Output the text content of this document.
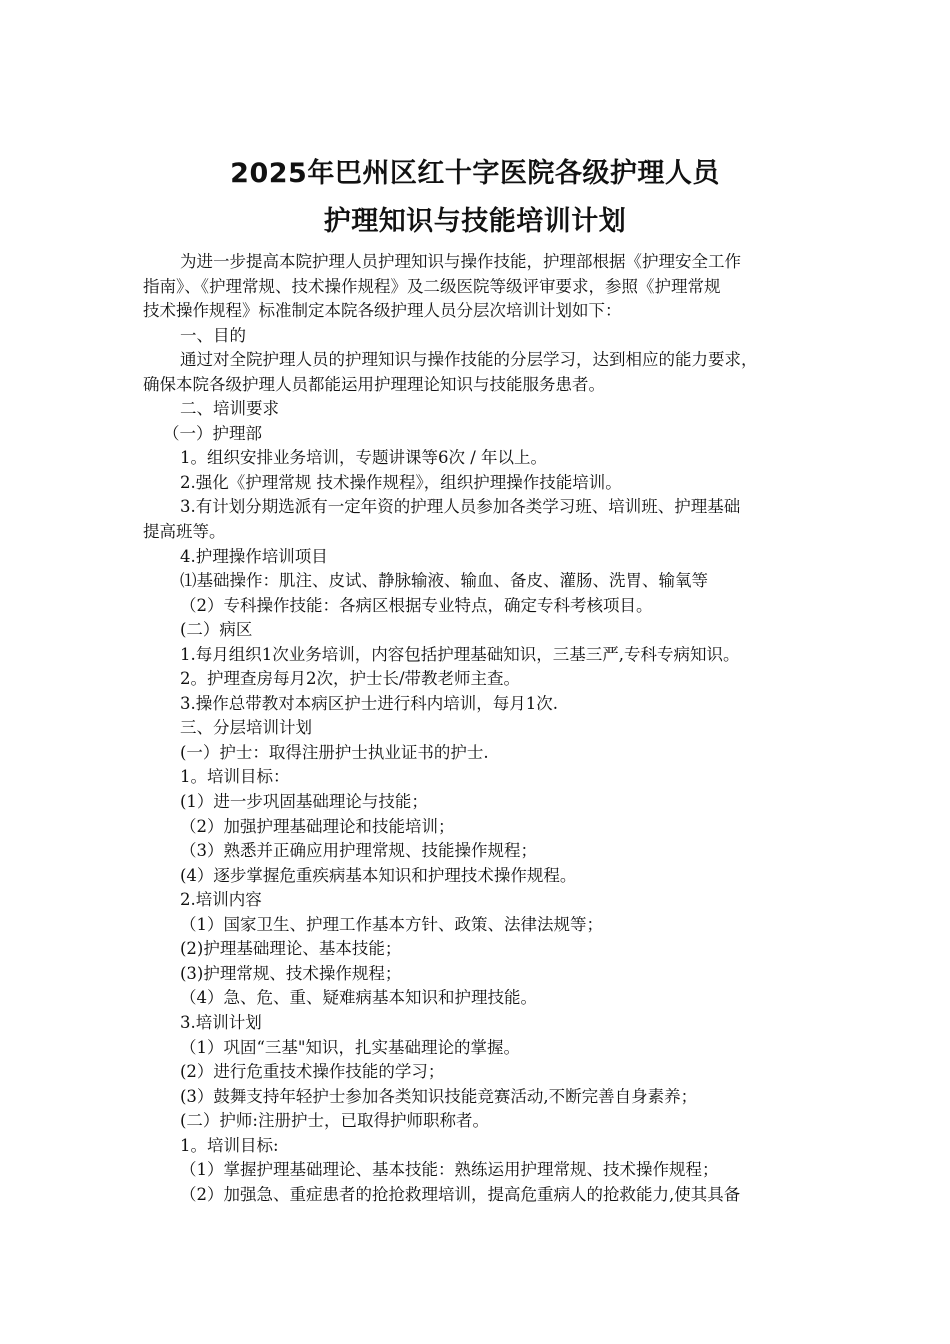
2025年巴州区红十字医院各级护理人员
护理知识与技能培训计划
为进一步提高本院护理人员护理知识与操作技能，护理部根据《护理安全工作
指南》、《护理常规、技术操作规程》及二级医院等级评审要求，参照《护理常规
技术操作规程》标准制定本院各级护理人员分层次培训计划如下：
一、目的
通过对全院护理人员的护理知识与操作技能的分层学习，达到相应的能力要求，
确保本院各级护理人员都能运用护理理论知识与技能服务患者。
二、培训要求
（一）护理部
1。组织安排业务培训，专题讲课等6次 / 年以上。
2.强化《护理常规 技术操作规程》，组织护理操作技能培训。
3.有计划分期选派有一定年资的护理人员参加各类学习班、培训班、护理基础
提高班等。
4.护理操作培训项目
⑴基础操作：肌注、皮试、静脉输液、输血、备皮、灌肠、洗胃、输氧等
（2）专科操作技能：各病区根据专业特点，确定专科考核项目。
(二）病区
1.每月组织1次业务培训，内容包括护理基础知识，三基三严,专科专病知识。
2。护理查房每月2次，护士长/带教老师主查。
3.操作总带教对本病区护士进行科内培训，每月1次.
三、分层培训计划
(一）护士：取得注册护士执业证书的护士.
1。培训目标：
(1）进一步巩固基础理论与技能；
（2）加强护理基础理论和技能培训；
（3）熟悉并正确应用护理常规、技能操作规程；
(4）逐步掌握危重疾病基本知识和护理技术操作规程。
2.培训内容
（1）国家卫生、护理工作基本方针、政策、法律法规等；
(2)护理基础理论、基本技能；
(3)护理常规、技术操作规程；
（4）急、危、重、疑难病基本知识和护理技能。
3.培训计划
（1）巩固“三基"知识，扎实基础理论的掌握。
(2）进行危重技术操作技能的学习；
(3）鼓舞支持年轻护士参加各类知识技能竞赛活动,不断完善自身素养；
(二）护师:注册护士，已取得护师职称者。
1。培训目标:
（1）掌握护理基础理论、基本技能：熟练运用护理常规、技术操作规程；
（2）加强急、重症患者的抢抢救理培训，提高危重病人的抢救能力,使其具备
